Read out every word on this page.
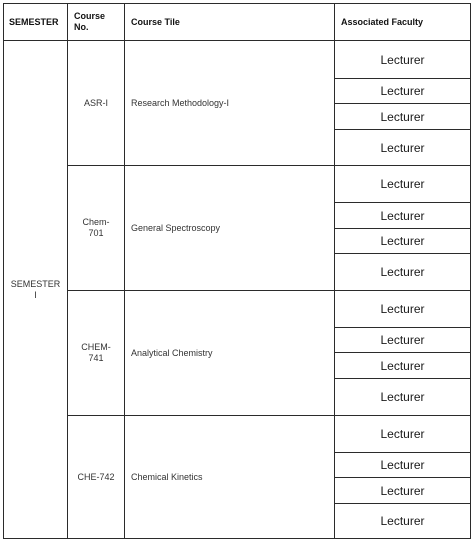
SEMESTER
Course
No.
Course Tile	Associated Faculty
SEMESTER
I
ASR-I	Research Methodology-I
Lecturer
Lecturer
Lecturer
Lecturer
Chem-
701
General Spectroscopy
Lecturer
Lecturer
Lecturer
Lecturer
CHEM-
741
Analytical Chemistry
Lecturer
Lecturer
Lecturer
Lecturer
CHE-742 Chemical Kinetics
Lecturer
Lecturer
Lecturer
Lecturer
